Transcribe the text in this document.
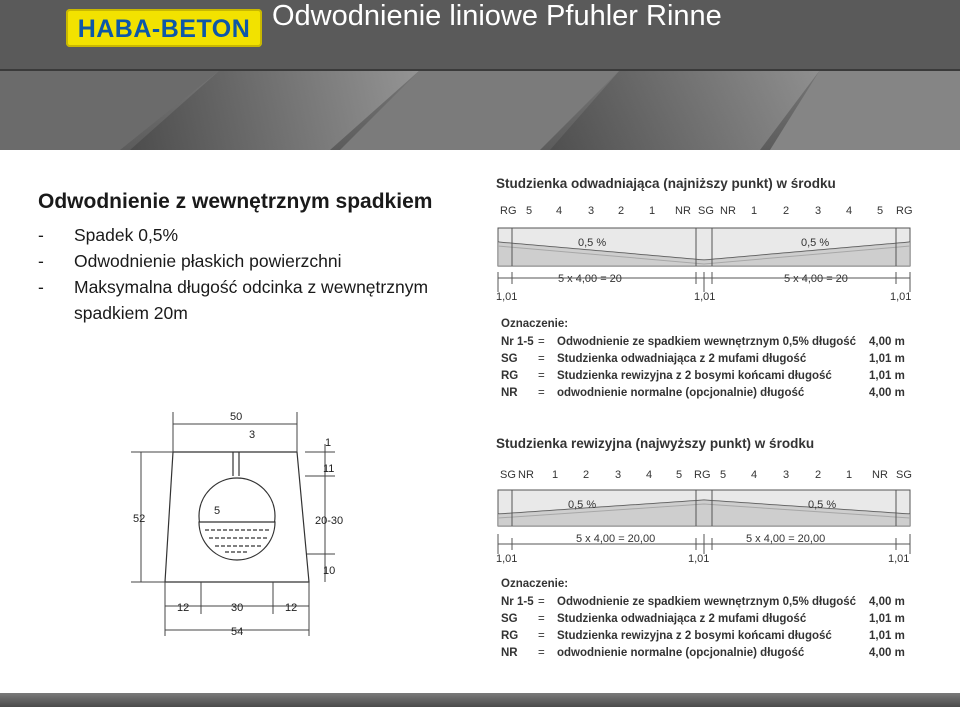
HABA-BETON Odwodnienie liniowe Pfuhler Rinne
Odwodnienie z wewnętrznym spadkiem
- Spadek 0,5%
- Odwodnienie płaskich powierzchni
- Maksymalna długość odcinka z wewnętrznym spadkiem 20m
Studzienka odwadniająca (najniższy punkt) w środku
RG 5 4 3 2 1 NR SG NR 1 2 3 4 5 RG
0,5 %	0,5 %
5 x 4,00 = 20	5 x 4,00 = 20
1,01	1,01	1,01
Oznaczenie:
Nr 1-5 = Odwodnienie ze spadkiem wewnętrznym 0,5% długość 4,00 m
SG = Studzienka odwadniająca z 2 mufami długość	1,01 m
RG = Studzienka rewizyjna z 2 bosymi końcami długość	1,01 m
NR = odwodnienie normalne (opcjonalnie) długość	4,00 m
Studzienka rewizyjna (najwyższy punkt) w środku
SG NR 1 2 3 4 5 RG 5 4 3 2 1 NR SG
0,5 %	0,5 %
5 x 4,00 = 20,00	5 x 4,00 = 20,00
1,01	1,01	1,01
Oznaczenie:
Nr 1-5 = Odwodnienie ze spadkiem wewnętrznym 0,5% długość 4,00 m
SG = Studzienka odwadniająca z 2 mufami długość	1,01 m
RG = Studzienka rewizyjna z 2 bosymi końcami długość	1,01 m
NR = odwodnienie normalne (opcjonalnie) długość	4,00 m
50
3
1
11
52
5
20-30
10
12	30	12
54
